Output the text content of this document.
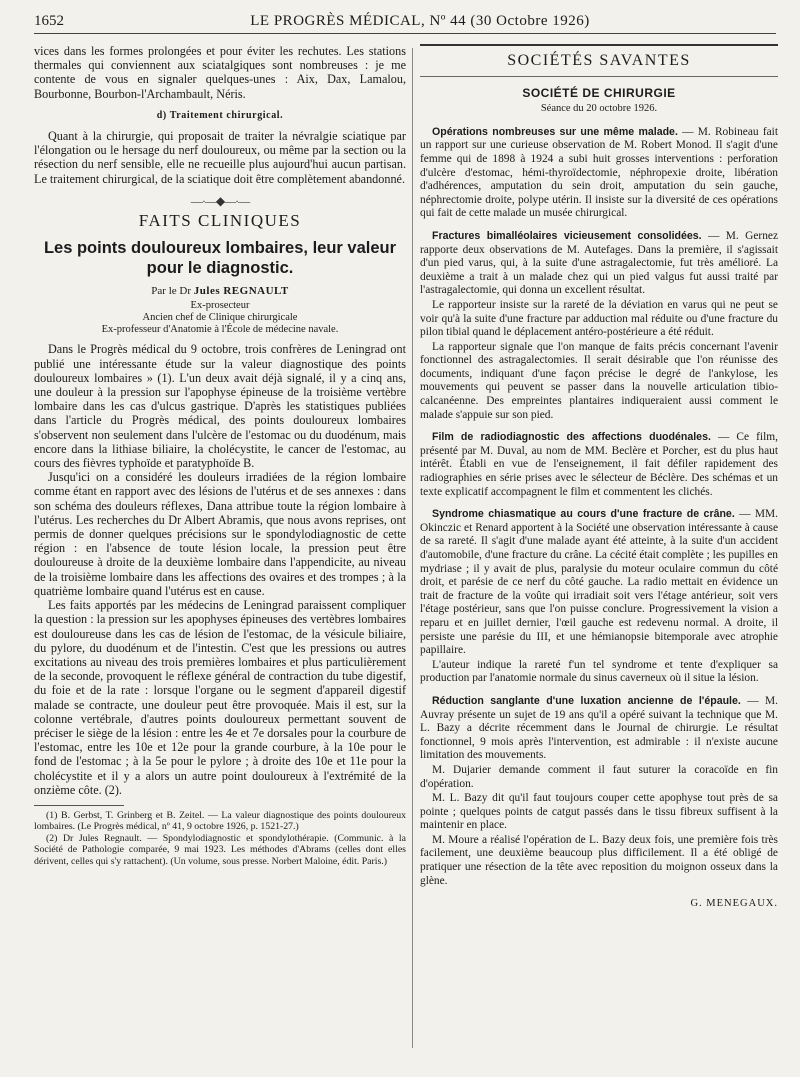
1652	LE PROGRÈS MÉDICAL, Nº 44 (30 Octobre 1926)

vices dans les formes prolongées et pour éviter les rechutes. Les stations thermales qui conviennent aux sciatalgiques sont nombreuses : je me contente de vous en signaler quelques-unes : Aix, Dax, Lamalou, Bourbonne, Bourbon-l'Archambault, Néris.

d) Traitement chirurgical.

Quant à la chirurgie, qui proposait de traiter la névralgie sciatique par l'élongation ou le hersage du nerf douloureux, ou même par la section ou la résection du nerf sensible, elle ne recueille plus aujourd'hui aucun partisan. Le traitement chirurgical, de la sciatique doit être complètement abandonné.

—·—◆—·—
FAITS CLINIQUES
Les points douloureux lombaires, leur valeur pour le diagnostic.
Par le Dr Jules REGNAULT
Ex-prosecteur
Ancien chef de Clinique chirurgicale
Ex-professeur d'Anatomie à l'École de médecine navale.

Dans le Progrès médical du 9 octobre, trois confrères de Leningrad ont publié une intéressante étude sur la valeur diagnostique des points douloureux lombaires » (1). L'un deux avait déjà signalé, il y a cinq ans, une douleur à la pression sur l'apophyse épineuse de la troisième vertèbre lombaire dans les cas d'ulcus gastrique. D'après les statistiques publiées dans l'article du Progrès médical, des points douloureux lombaires s'observent non seulement dans l'ulcère de l'estomac ou du duodénum, mais encore dans la lithiase biliaire, la cholécystite, le cancer de l'estomac, au cours des fièvres typhoïde et paratyphoïde B.

Jusqu'ici on a considéré les douleurs irradiées de la région lombaire comme étant en rapport avec des lésions de l'utérus et de ses annexes : dans son schéma des douleurs réflexes, Dana attribue toute la région lombaire à l'utérus. Les recherches du Dr Albert Abramis, que nous avons reprises, ont permis de donner quelques précisions sur le spondylodiagnostic de cette région : en l'absence de toute lésion locale, la pression peut être douloureuse à droite de la deuxième lombaire dans l'appendicite, au niveau de la troisième lombaire dans les affections des ovaires et des trompes ; à la quatrième lombaire quand l'utérus est en cause.

Les faits apportés par les médecins de Leningrad paraissent compliquer la question : la pression sur les apophyses épineuses des vertèbres lombaires est douloureuse dans les cas de lésion de l'estomac, de la vésicule biliaire, du pylore, du duodénum et de l'intestin. C'est que les pressions ou autres excitations au niveau des trois premières lombaires et plus particulièrement de la seconde, provoquent le réflexe général de contraction du tube digestif, du foie et de la rate : lorsque l'organe ou le segment d'appareil digestif malade se contracte, une douleur peut être provoquée. Mais il est, sur la colonne vertébrale, d'autres points douloureux permettant souvent de préciser le siège de la lésion : entre les 4e et 7e dorsales pour la courbure de l'estomac, entre les 10e et 12e pour la grande courbure, à la 10e pour le fond de l'estomac ; à la 5e pour le pylore ; à droite des 10e et 11e pour la cholécystite et il y a alors un autre point douloureux à l'extrémité de la onzième côte. (2).

(1) B. Gerbst, T. Grinberg et B. Zeitel. — La valeur diagnostique des points douloureux lombaires. (Le Progrès médical, nº 41, 9 octobre 1926, p. 1521-27.)

(2) Dr Jules Regnault. — Spondylodiagnostic et spondylothérapie. (Communic. à la Société de Pathologie comparée, 9 mai 1923. Les méthodes d'Abrams (celles dont elles dérivent, celles qui s'y rattachent). (Un volume, sous presse. Norbert Maloine, édit. Paris.)

SOCIÉTÉS SAVANTES
SOCIÉTÉ DE CHIRURGIE
Séance du 20 octobre 1926.

Opérations nombreuses sur une même malade. — M. Robineau fait un rapport sur une curieuse observation de M. Robert Monod. Il s'agit d'une femme qui de 1898 à 1924 a subi huit grosses interventions : perforation d'ulcère d'estomac, hémi-thyroïdectomie, néphropexie droite, libération d'adhérences, amputation du sein droit, amputation du sein gauche, néphrectomie droite, polype utérin. Il insiste sur la diversité de ces opérations qui fait de cette malade un musée chirurgical.

Fractures bimalléolaires vicieusement consolidées. — M. Gernez rapporte deux observations de M. Autefages. Dans la première, il s'agissait d'un pied varus, qui, à la suite d'une astragalectomie, fut très amélioré. La deuxième a trait à un malade chez qui un pied valgus fut aussi traité par l'astragalectomie, qui donna un excellent résultat.

Le rapporteur insiste sur la rareté de la déviation en varus qui ne peut se voir qu'à la suite d'une fracture par adduction mal réduite ou d'une fracture du pilon tibial quand le déplacement antéro-postérieure a été réduit.

La rapporteur signale que l'on manque de faits précis concernant l'avenir fonctionnel des astragalectomies. Il serait désirable que l'on réunisse des documents, indiquant d'une façon précise le degré de l'ankylose, les mouvements qui peuvent se passer dans la nouvelle articulation tibio-calcanéenne. Des empreintes plantaires indiqueraient aussi comment le malade s'appuie sur son pied.

Film de radiodiagnostic des affections duodénales. — Ce film, présenté par M. Duval, au nom de MM. Beclère et Porcher, est du plus haut intérêt. Établi en vue de l'enseignement, il fait défiler rapidement des radiographies en série prises avec le sélecteur de Béclère. Des schémas et un texte explicatif accompagnent le film et commentent les clichés.

Syndrome chiasmatique au cours d'une fracture de crâne. — MM. Okinczic et Renard apportent à la Société une observation intéressante à cause de sa rareté. Il s'agit d'une malade ayant été atteinte, à la suite d'un accident d'automobile, d'une fracture du crâne. La cécité était complète ; les pupilles en mydriase ; il y avait de plus, paralysie du moteur oculaire commun du côté droit, et parésie de ce nerf du côté gauche. La radio mettait en évidence un trait de fracture de la voûte qui irradiait soit vers l'étage antérieur, soit vers l'étage postérieur, sans que l'on puisse conclure. Progressivement la vision a reparu et en juillet dernier, l'œil gauche est redevenu normal. A droite, il persiste une parésie du III, et une hémianopsie bitemporale avec atrophie papillaire.

L'auteur indique la rareté f'un tel syndrome et tente d'expliquer sa production par l'anatomie normale du sinus caverneux où il situe la lésion.

Réduction sanglante d'une luxation ancienne de l'épaule. — M. Auvray présente un sujet de 19 ans qu'il a opéré suivant la technique que M. L. Bazy a décrite récemment dans le Journal de chirurgie. Le résultat fonctionnel, 9 mois après l'intervention, est admirable : il n'existe aucune limitation des mouvements.

M. Dujarier demande comment il faut suturer la coracoïde en fin d'opération.

M. L. Bazy dit qu'il faut toujours couper cette apophyse tout près de sa pointe ; quelques points de catgut passés dans le tissu fibreux suffisent à la maintenir en place.

M. Moure a réalisé l'opération de L. Bazy deux fois, une première fois très facilement, une deuxième beaucoup plus difficilement. Il a été obligé de pratiquer une résection de la tête avec reposition du moignon osseux dans la glène.

G. MENEGAUX.
